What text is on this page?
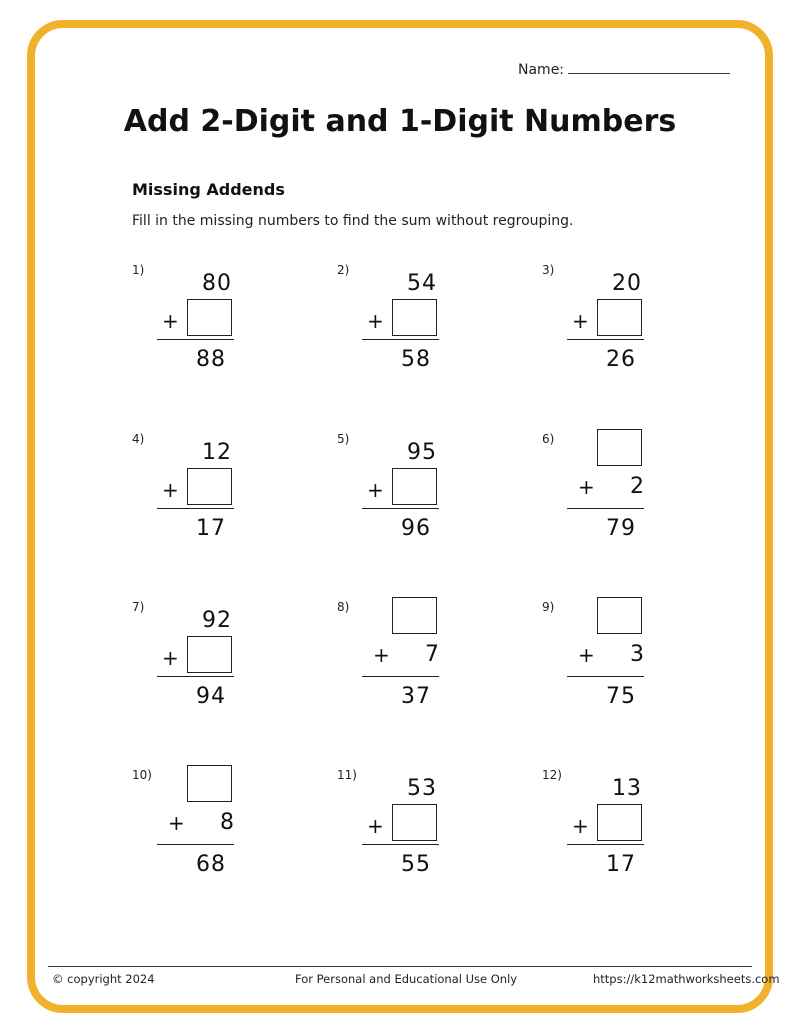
Name:
Add 2-Digit and 1-Digit Numbers
Missing Addends
Fill in the missing numbers to find the sum without regrouping.
1)
80
+
88
2)
54
+
58
3)
20
+
26
4)
12
+
17
5)
95
+
96
6)
2
+
79
7)
92
+
94
8)
7
+
37
9)
3
+
75
10)
8
+
68
11)
53
+
55
12)
13
+
17
© copyright 2024	For Personal and Educational Use Only	https://k12mathworksheets.com
